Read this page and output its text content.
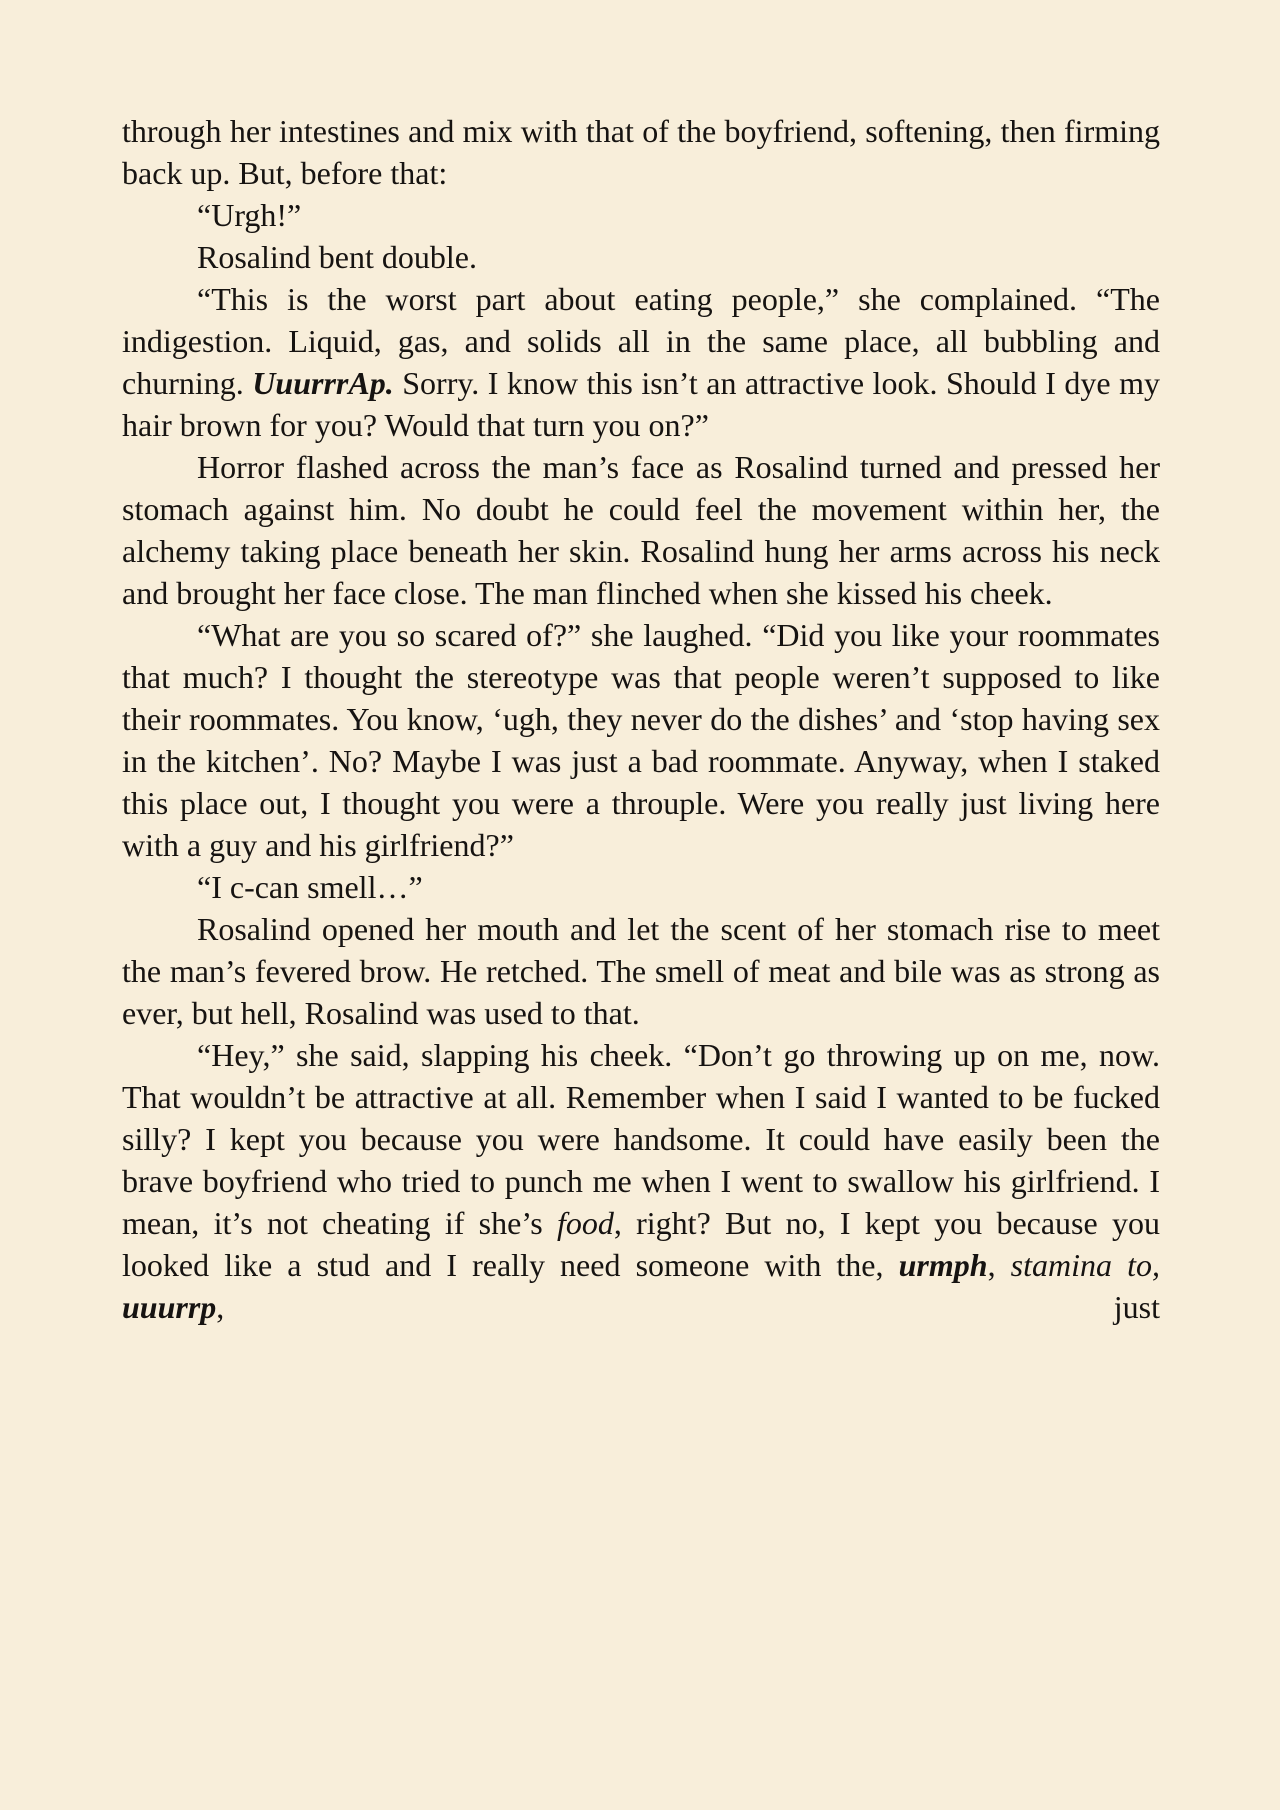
through her intestines and mix with that of the boyfriend, softening, then firming back up. But, before that:

“Urgh!”

Rosalind bent double.

“This is the worst part about eating people,” she complained. “The indigestion. Liquid, gas, and solids all in the same place, all bubbling and churning. UuurrrAp. Sorry. I know this isn’t an attractive look. Should I dye my hair brown for you? Would that turn you on?”

Horror flashed across the man’s face as Rosalind turned and pressed her stomach against him. No doubt he could feel the movement within her, the alchemy taking place beneath her skin. Rosalind hung her arms across his neck and brought her face close. The man flinched when she kissed his cheek.

“What are you so scared of?” she laughed. “Did you like your roommates that much? I thought the stereotype was that people weren’t supposed to like their roommates. You know, ‘ugh, they never do the dishes’ and ‘stop having sex in the kitchen’. No? Maybe I was just a bad roommate. Anyway, when I staked this place out, I thought you were a throuple. Were you really just living here with a guy and his girlfriend?”

“I c-can smell…”

Rosalind opened her mouth and let the scent of her stomach rise to meet the man’s fevered brow. He retched. The smell of meat and bile was as strong as ever, but hell, Rosalind was used to that.

“Hey,” she said, slapping his cheek. “Don’t go throwing up on me, now. That wouldn’t be attractive at all. Remember when I said I wanted to be fucked silly? I kept you because you were handsome. It could have easily been the brave boyfriend who tried to punch me when I went to swallow his girlfriend. I mean, it’s not cheating if she’s food, right? But no, I kept you because you looked like a stud and I really need someone with the, urmph, stamina to, uuurrp, just
